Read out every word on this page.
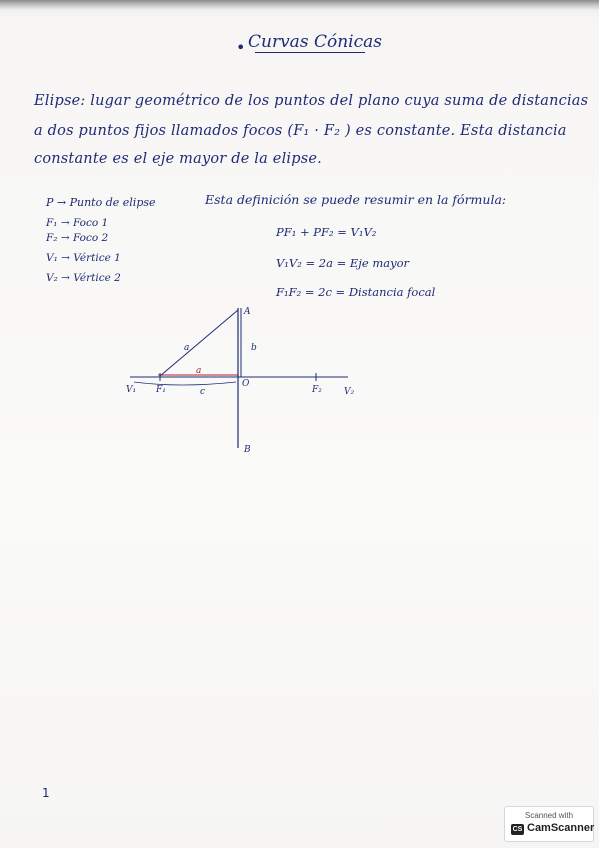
• Curvas Cónicas
Elipse: lugar geométrico de los puntos del plano cuya suma de distancias
a dos puntos fijos llamados focos (F₁ · F₂ ) es constante. Esta distancia
constante es el eje mayor de la elipse.
P → Punto de elipse
F₁ → Foco 1
F₂ → Foco 2
V₁ → Vértice 1
V₂ → Vértice 2
Esta definición se puede resumir en la fórmula:
PF₁ + PF₂ = V₁V₂
V₁V₂ = 2a = Eje mayor
F₁F₂ = 2c = Distancia focal
A
B
a
a
b
c
O
V₁ F₁	F₂ V₂
1
Scanned with
CS CamScanner
